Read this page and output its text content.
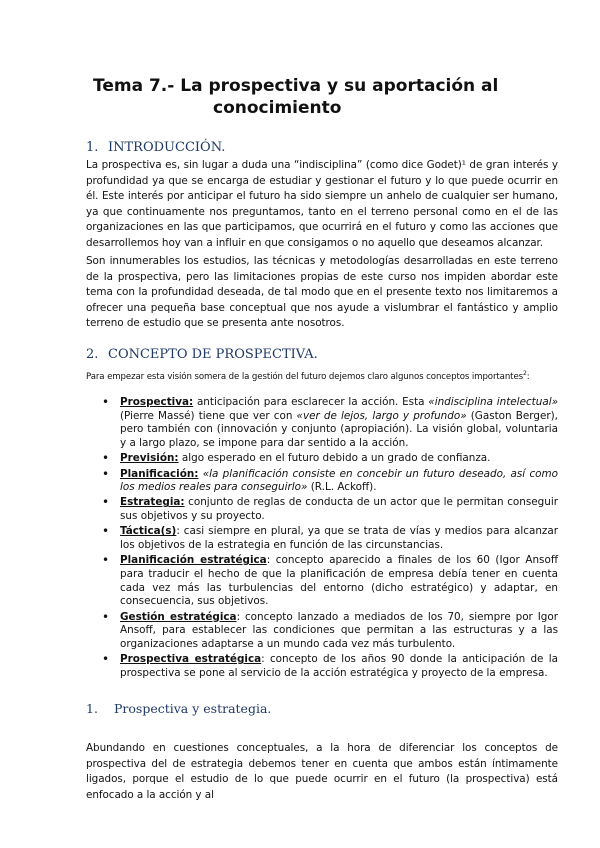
Tema 7.- La prospectiva y su aportación al
conocimiento
1. INTRODUCCIÓN.
La prospectiva es, sin lugar a duda una “indisciplina” (como dice Godet)¹ de gran interés y profundidad ya que se encarga de estudiar y gestionar el futuro y lo que puede ocurrir en él. Este interés por anticipar el futuro ha sido siempre un anhelo de cualquier ser humano, ya que continuamente nos preguntamos, tanto en el terreno personal como en el de las organizaciones en las que participamos, que ocurrirá en el futuro y como las acciones que desarrollemos hoy van a influir en que consigamos o no aquello que deseamos alcanzar.
Son innumerables los estudios, las técnicas y metodologías desarrolladas en este terreno de la prospectiva, pero las limitaciones propias de este curso nos impiden abordar este tema con la profundidad deseada, de tal modo que en el presente texto nos limitaremos a ofrecer una pequeña base conceptual que nos ayude a vislumbrar el fantástico y amplio terreno de estudio que se presenta ante nosotros.
2. CONCEPTO DE PROSPECTIVA.
Para empezar esta visión somera de la gestión del futuro dejemos claro algunos conceptos importantes$^2$:
• Prospectiva: anticipación para esclarecer la acción. Esta «indisciplina intelectual» (Pierre Massé) tiene que ver con «ver de lejos, largo y profundo» (Gaston Berger), pero también con (innovación y conjunto (apropiación). La visión global, voluntaria y a largo plazo, se impone para dar sentido a la acción.
• Previsión: algo esperado en el futuro debido a un grado de confianza.
• Planificación: «la planificación consiste en concebir un futuro deseado, así como los medios reales para conseguirlo» (R.L. Ackoff).
• Estrategia: conjunto de reglas de conducta de un actor que le permitan conseguir sus objetivos y su proyecto.
• Táctica(s): casi siempre en plural, ya que se trata de vías y medios para alcanzar los objetivos de la estrategia en función de las circunstancias.
• Planificación estratégica: concepto aparecido a finales de los 60 (Igor Ansoff para traducir el hecho de que la planificación de empresa debía tener en cuenta cada vez más las turbulencias del entorno (dicho estratégico) y adaptar, en consecuencia, sus objetivos.
• Gestión estratégica: concepto lanzado a mediados de los 70, siempre por Igor Ansoff, para establecer las condiciones que permitan a las estructuras y a las organizaciones adaptarse a un mundo cada vez más turbulento.
• Prospectiva estratégica: concepto de los años 90 donde la anticipación de la prospectiva se pone al servicio de la acción estratégica y proyecto de la empresa.
1. Prospectiva y estrategia.
Abundando en cuestiones conceptuales, a la hora de diferenciar los conceptos de prospectiva del de estrategia debemos tener en cuenta que ambos están íntimamente ligados, porque el estudio de lo que puede ocurrir en el futuro (la prospectiva) está enfocado a la acción y al
